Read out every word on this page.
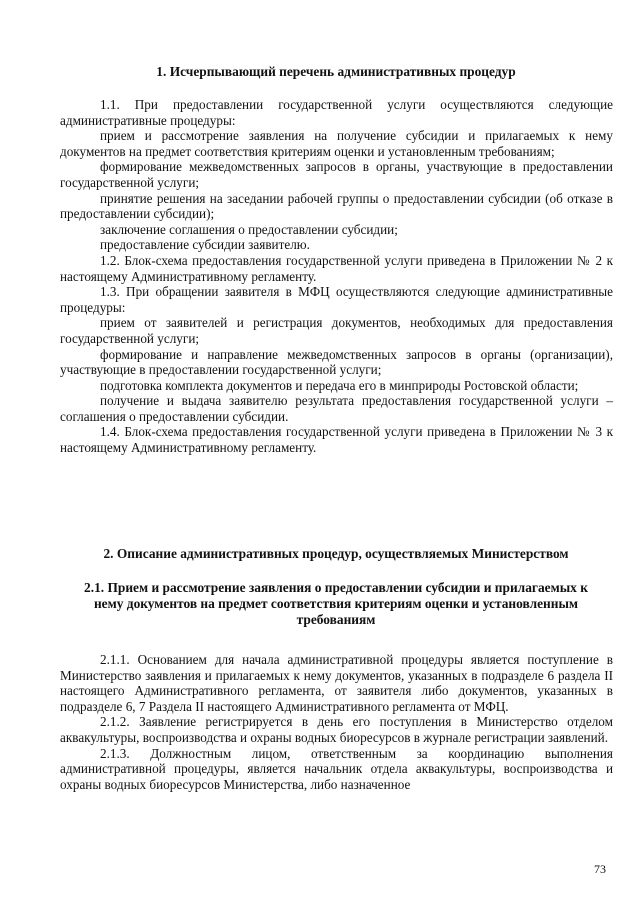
1. Исчерпывающий перечень административных процедур

1.1. При предоставлении государственной услуги осуществляются следующие административные процедуры:

прием и рассмотрение заявления на получение субсидии и прилагаемых к нему документов на предмет соответствия критериям оценки и установленным требованиям;

формирование межведомственных запросов в органы, участвующие в предоставлении государственной услуги;

принятие решения на заседании рабочей группы о предоставлении субсидии (об отказе в предоставлении субсидии);

заключение соглашения о предоставлении субсидии;

предоставление субсидии заявителю.

1.2. Блок-схема предоставления государственной услуги приведена в Приложении № 2 к настоящему Административному регламенту.

1.3. При обращении заявителя в МФЦ осуществляются следующие административные процедуры:

прием от заявителей и регистрация документов, необходимых для предоставления государственной услуги;

формирование и направление межведомственных запросов в органы (организации), участвующие в предоставлении государственной услуги;

подготовка комплекта документов и передача его в минприроды Ростовской области;

получение и выдача заявителю результата предоставления государственной услуги – соглашения о предоставлении субсидии.

1.4. Блок-схема предоставления государственной услуги приведена в Приложении № 3 к настоящему Административному регламенту.

2. Описание административных процедур, осуществляемых Министерством
2.1. Прием и рассмотрение заявления о предоставлении субсидии и прилагаемых к нему документов на предмет соответствия критериям оценки и установленным требованиям

2.1.1. Основанием для начала административной процедуры является поступление в Министерство заявления и прилагаемых к нему документов, указанных в подразделе 6 раздела II настоящего Административного регламента, от заявителя либо документов, указанных в подразделе 6, 7 Раздела II настоящего Административного регламента от МФЦ.

2.1.2. Заявление регистрируется в день его поступления в Министерство отделом аквакультуры, воспроизводства и охраны водных биоресурсов в журнале регистрации заявлений.

2.1.3. Должностным лицом, ответственным за координацию выполнения административной процедуры, является начальник отдела аквакультуры, воспроизводства и охраны водных биоресурсов Министерства, либо назначенное

73
